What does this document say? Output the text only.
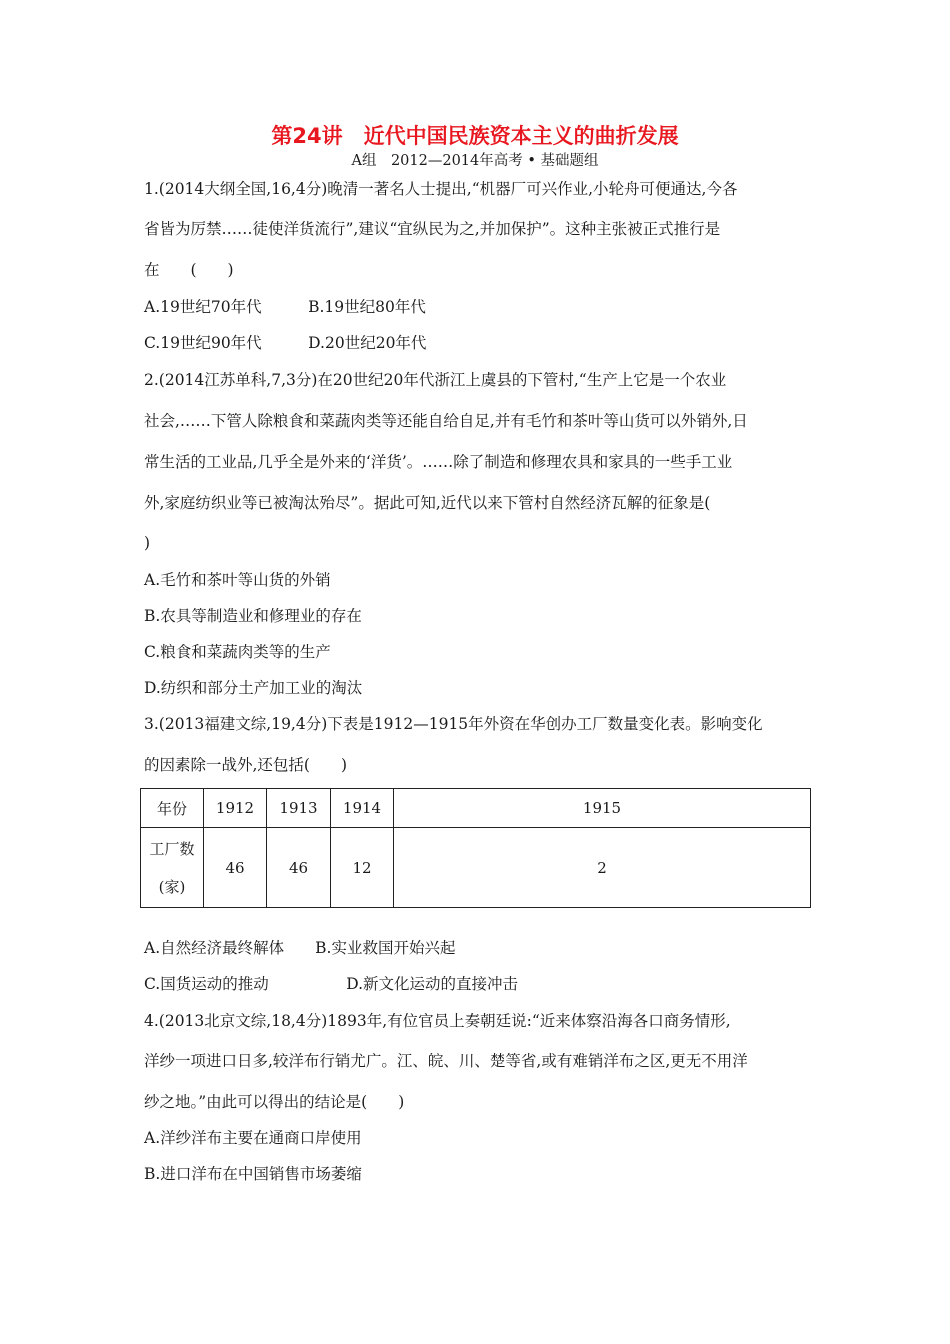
第24讲　近代中国民族资本主义的曲折发展
A组　2012—2014年高考 • 基础题组
1.(2014大纲全国,16,4分)晚清一著名人士提出,“机器厂可兴作业,小轮舟可便通达,今各
省皆为厉禁……徒使洋货流行”,建议“宜纵民为之,并加保护”。这种主张被正式推行是
在　　(　　)
A.19世纪70年代　　　B.19世纪80年代
C.19世纪90年代　　　D.20世纪20年代
2.(2014江苏单科,7,3分)在20世纪20年代浙江上虞县的下管村,“生产上它是一个农业
社会,……下管人除粮食和菜蔬肉类等还能自给自足,并有毛竹和茶叶等山货可以外销外,日
常生活的工业品,几乎全是外来的‘洋货’。……除了制造和修理农具和家具的一些手工业
外,家庭纺织业等已被淘汰殆尽”。据此可知,近代以来下管村自然经济瓦解的征象是(
)
A.毛竹和茶叶等山货的外销
B.农具等制造业和修理业的存在
C.粮食和菜蔬肉类等的生产
D.纺织和部分土产加工业的淘汰
3.(2013福建文综,19,4分)下表是1912—1915年外资在华创办工厂数量变化表。影响变化
的因素除一战外,还包括(　　)
年份	1912	1913	1914	1915

工厂数
(家)	46	46	12	2
A.自然经济最终解体　　B.实业救国开始兴起
C.国货运动的推动　　　　　D.新文化运动的直接冲击
4.(2013北京文综,18,4分)1893年,有位官员上奏朝廷说:“近来体察沿海各口商务情形,
洋纱一项进口日多,较洋布行销尤广。江、皖、川、楚等省,或有难销洋布之区,更无不用洋
纱之地。”由此可以得出的结论是(　　)
A.洋纱洋布主要在通商口岸使用
B.进口洋布在中国销售市场萎缩
